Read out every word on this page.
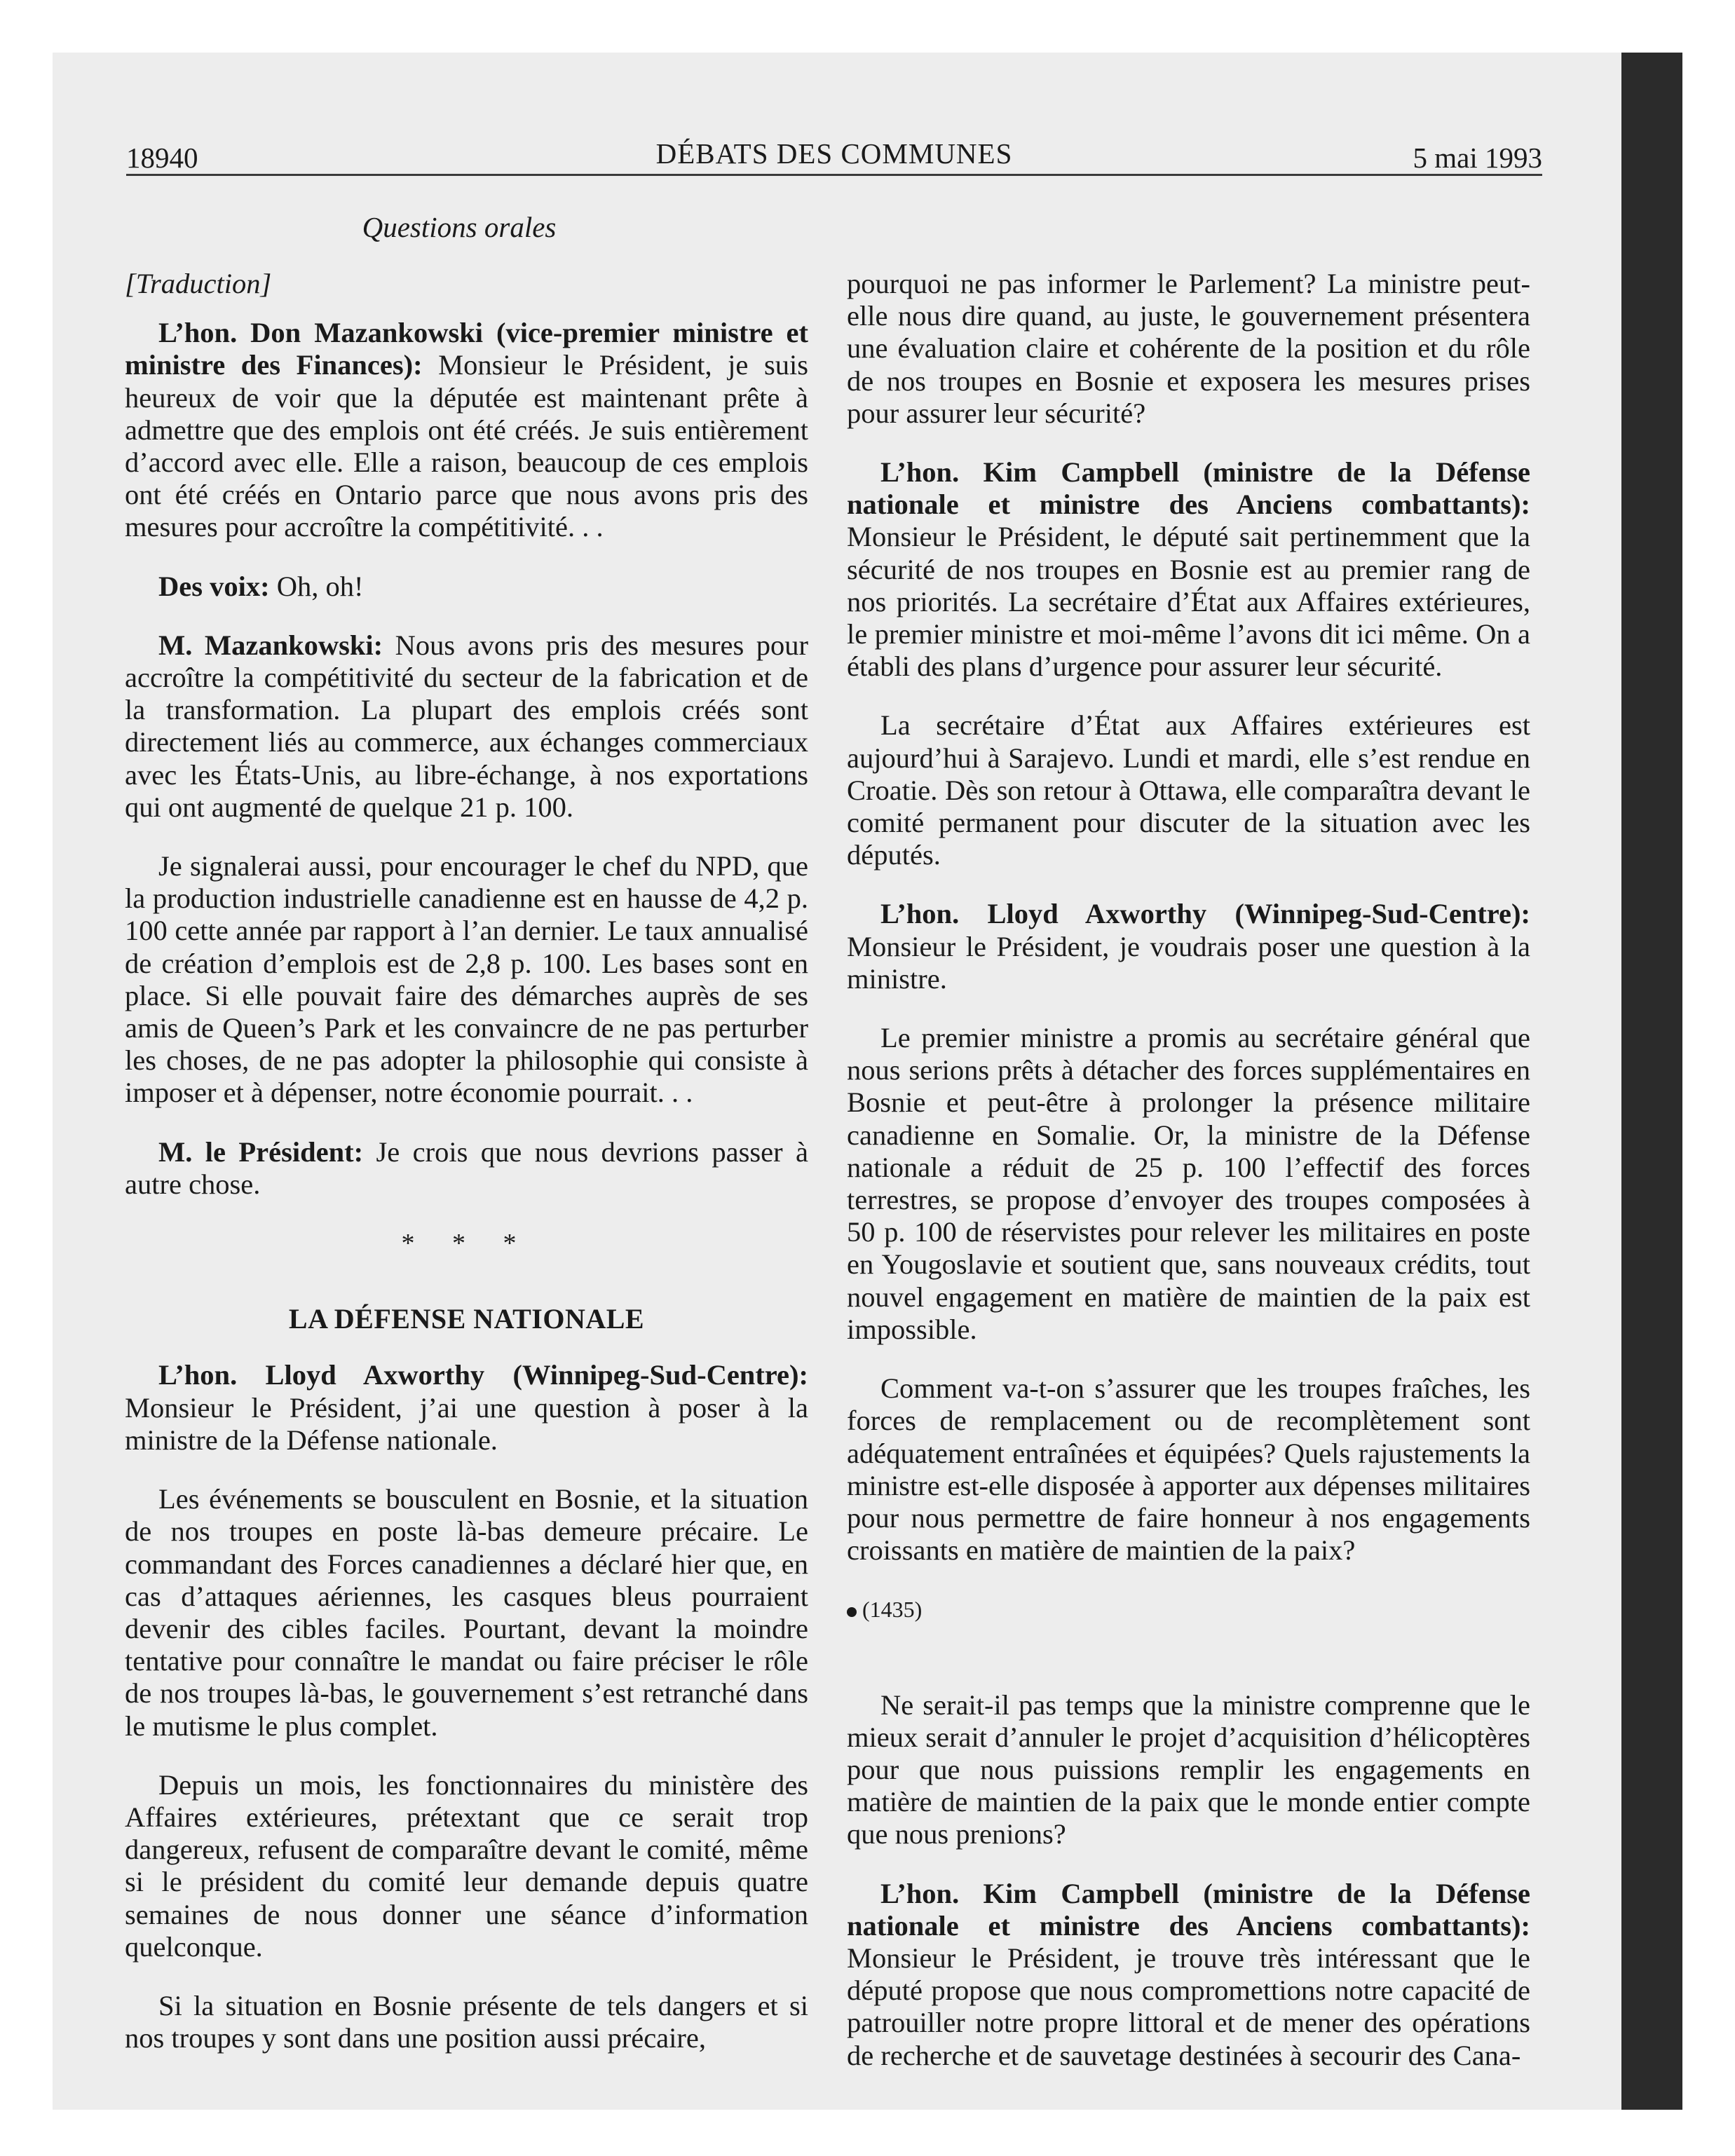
18940	DÉBATS DES COMMUNES	5 mai 1993
Questions orales

[Traduction]

L’hon. Don Mazankowski (vice-premier ministre et ministre des Finances): Monsieur le Président, je suis heureux de voir que la députée est maintenant prête à admettre que des emplois ont été créés. Je suis entièrement d’accord avec elle. Elle a raison, beaucoup de ces emplois ont été créés en Ontario parce que nous avons pris des mesures pour accroître la compétitivité. . .

Des voix: Oh, oh!

M. Mazankowski: Nous avons pris des mesures pour accroître la compétitivité du secteur de la fabrication et de la transformation. La plupart des emplois créés sont directement liés au commerce, aux échanges commerciaux avec les États-Unis, au libre-échange, à nos exportations qui ont augmenté de quelque 21 p. 100.

Je signalerai aussi, pour encourager le chef du NPD, que la production industrielle canadienne est en hausse de 4,2 p. 100 cette année par rapport à l’an dernier. Le taux annualisé de création d’emplois est de 2,8 p. 100. Les bases sont en place. Si elle pouvait faire des démarches auprès de ses amis de Queen’s Park et les convaincre de ne pas perturber les choses, de ne pas adopter la philosophie qui consiste à imposer et à dépenser, notre économie pourrait. . .

M. le Président: Je crois que nous devrions passer à autre chose.

* * *
LA DÉFENSE NATIONALE

L’hon. Lloyd Axworthy (Winnipeg-Sud-Centre): Monsieur le Président, j’ai une question à poser à la ministre de la Défense nationale.

Les événements se bousculent en Bosnie, et la situation de nos troupes en poste là-bas demeure précaire. Le commandant des Forces canadiennes a déclaré hier que, en cas d’attaques aériennes, les casques bleus pourraient devenir des cibles faciles. Pourtant, devant la moindre tentative pour connaître le mandat ou faire préciser le rôle de nos troupes là-bas, le gouvernement s’est retranché dans le mutisme le plus complet.

Depuis un mois, les fonctionnaires du ministère des Affaires extérieures, prétextant que ce serait trop dangereux, refusent de comparaître devant le comité, même si le président du comité leur demande depuis quatre semaines de nous donner une séance d’information quelconque.

Si la situation en Bosnie présente de tels dangers et si nos troupes y sont dans une position aussi précaire,

pourquoi ne pas informer le Parlement? La ministre peut-elle nous dire quand, au juste, le gouvernement présentera une évaluation claire et cohérente de la position et du rôle de nos troupes en Bosnie et exposera les mesures prises pour assurer leur sécurité?

L’hon. Kim Campbell (ministre de la Défense nationale et ministre des Anciens combattants): Monsieur le Président, le député sait pertinemment que la sécurité de nos troupes en Bosnie est au premier rang de nos priorités. La secrétaire d’État aux Affaires extérieures, le premier ministre et moi-même l’avons dit ici même. On a établi des plans d’urgence pour assurer leur sécurité.

La secrétaire d’État aux Affaires extérieures est aujourd’hui à Sarajevo. Lundi et mardi, elle s’est rendue en Croatie. Dès son retour à Ottawa, elle comparaîtra devant le comité permanent pour discuter de la situation avec les députés.

L’hon. Lloyd Axworthy (Winnipeg-Sud-Centre): Monsieur le Président, je voudrais poser une question à la ministre.

Le premier ministre a promis au secrétaire général que nous serions prêts à détacher des forces supplémentaires en Bosnie et peut-être à prolonger la présence militaire canadienne en Somalie. Or, la ministre de la Défense nationale a réduit de 25 p. 100 l’effectif des forces terrestres, se propose d’envoyer des troupes composées à 50 p. 100 de réservistes pour relever les militaires en poste en Yougoslavie et soutient que, sans nouveaux crédits, tout nouvel engagement en matière de maintien de la paix est impossible.

Comment va-t-on s’assurer que les troupes fraîches, les forces de remplacement ou de recomplètement sont adéquatement entraînées et équipées? Quels rajustements la ministre est-elle disposée à apporter aux dépenses militaires pour nous permettre de faire honneur à nos engagements croissants en matière de maintien de la paix?

(1435)

Ne serait-il pas temps que la ministre comprenne que le mieux serait d’annuler le projet d’acquisition d’hélicoptères pour que nous puissions remplir les engagements en matière de maintien de la paix que le monde entier compte que nous prenions?

L’hon. Kim Campbell (ministre de la Défense nationale et ministre des Anciens combattants): Monsieur le Président, je trouve très intéressant que le député propose que nous compromettions notre capacité de patrouiller notre propre littoral et de mener des opérations de recherche et de sauvetage destinées à secourir des Cana-
